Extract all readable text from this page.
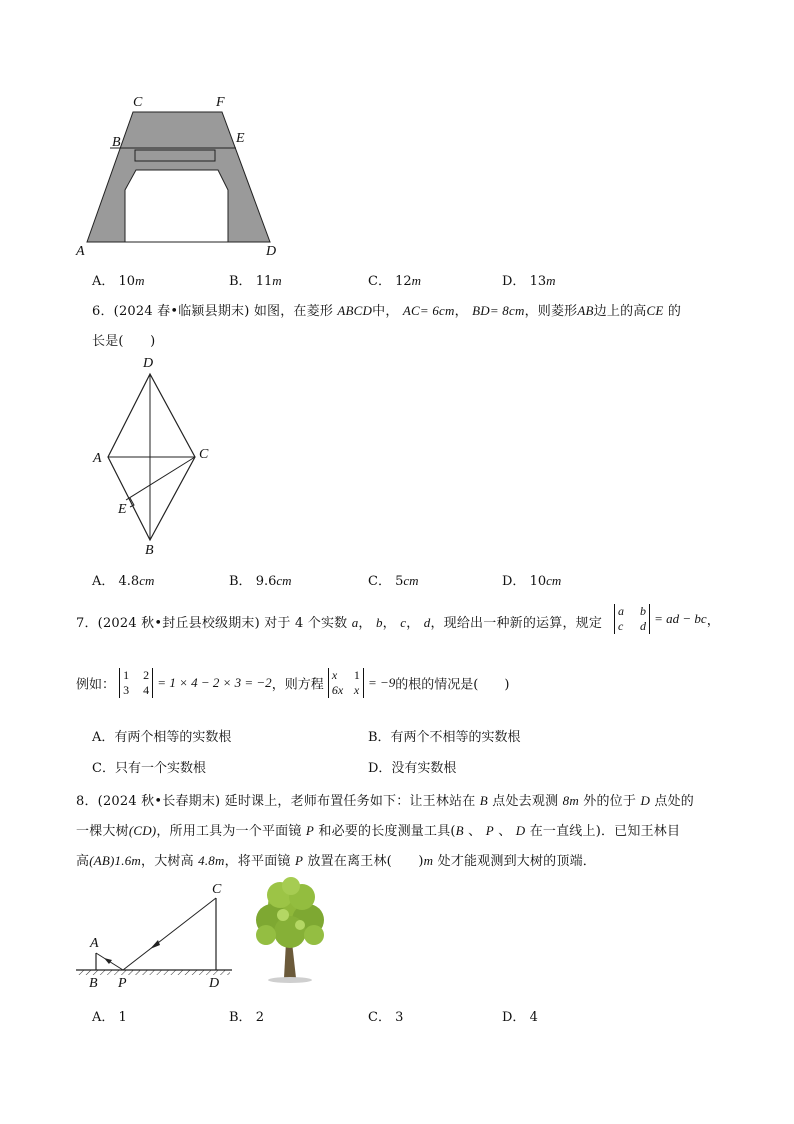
C	F
B	E
A	D
A． 10m	B． 11m	C． 12m	D． 13m
6．(2024 春•临颍县期末) 如图，在菱形 ABCD中， AC= 6cm， BD= 8cm，则菱形AB边上的高CE 的
长是(　　)
D
A	C
E
B
A． 4.8cm	B． 9.6cm	C． 5cm	D． 10cm
7．(2024 秋•封丘县校级期末) 对于 4 个实数 a， b， c， d，现给出一种新的运算，规定
a b
c d = ad − bc，
例如：
1 2
3 4 = 1 × 4 − 2 × 3 = −2，则方程
x 1
6x x = −9的根的情况是(　　)
A．有两个相等的实数根	B．有两个不相等的实数根
C．只有一个实数根	D．没有实数根
8．(2024 秋•长春期末) 延时课上，老师布置任务如下：让王林站在 B 点处去观测 8m 外的位于 D 点处的
一棵大树(CD)，所用工具为一个平面镜 P 和必要的长度测量工具(B 、 P 、 D 在一直线上)．已知王林目
高(AB)1.6m，大树高 4.8m，将平面镜 P 放置在离王林(　　)m 处才能观测到大树的顶端．
A
C
B P	D
A． 1	B． 2	C． 3	D． 4
